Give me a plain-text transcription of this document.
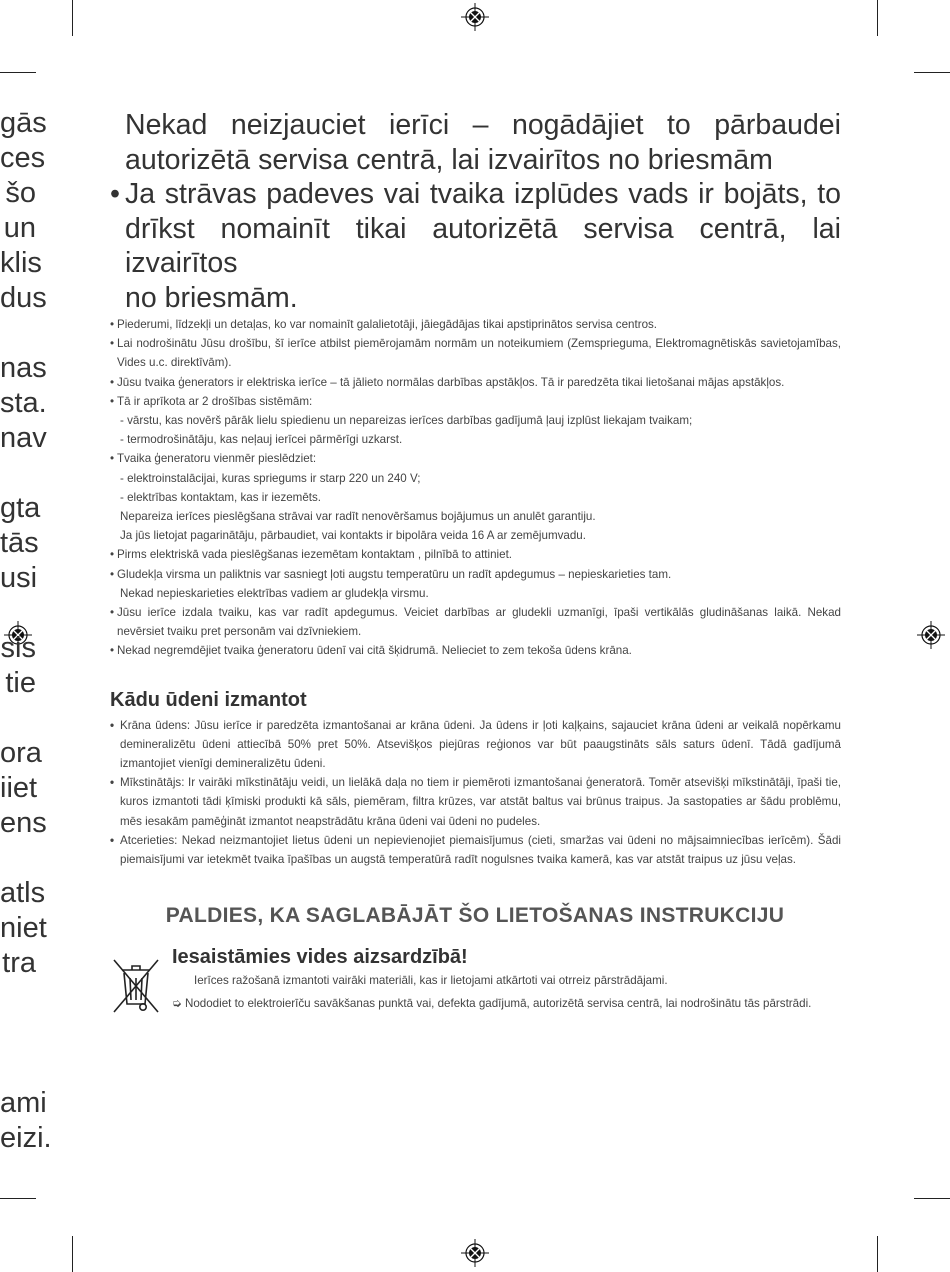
gās
ces
šo
un
klis
dus

nas
sta.
nav

gta
tās
usi

sis
tie

ora
iiet
ens

atls
niet
tra

ami
eizi.
Nekad neizjauciet ierīci – nogādājiet to pārbaudei
autorizētā servisa centrā, lai izvairītos no briesmām
• Ja strāvas padeves vai tvaika izplūdes vads ir bojāts, to
drīkst nomainīt tikai autorizētā servisa centrā, lai izvairītos
no briesmām.
• Piederumi, līdzekļi un detaļas, ko var nomainīt galalietotāji, jāiegādājas tikai apstiprinātos servisa centros.
• Lai nodrošinātu Jūsu drošību, šī ierīce atbilst piemērojamām normām un noteikumiem (Zemsprieguma, Elektromagnētiskās savietojamības, Vides u.c. direktīvām).
• Jūsu tvaika ģenerators ir elektriska ierīce – tā jālieto normālas darbības apstākļos. Tā ir paredzēta tikai lietošanai mājas apstākļos.
• Tā ir aprīkota ar 2 drošības sistēmām:
- vārstu, kas novērš pārāk lielu spiedienu un nepareizas ierīces darbības gadījumā ļauj izplūst liekajam tvaikam;
- termodrošinātāju, kas neļauj ierīcei pārmērīgi uzkarst.
• Tvaika ģeneratoru vienmēr pieslēdziet:
- elektroinstalācijai, kuras spriegums ir starp 220 un 240 V;
- elektrības kontaktam, kas ir iezemēts.
Nepareiza ierīces pieslēgšana strāvai var radīt nenovēršamus bojājumus un anulēt garantiju.
Ja jūs lietojat pagarinātāju, pārbaudiet, vai kontakts ir bipolāra veida 16 A ar zemējumvadu.
• Pirms elektriskā vada pieslēgšanas iezemētam kontaktam , pilnībā to attiniet.
• Gludekļa virsma un paliktnis var sasniegt ļoti augstu temperatūru un radīt apdegumus – nepieskarieties tam.
Nekad nepieskarieties elektrības vadiem ar gludekļa virsmu.
• Jūsu ierīce izdala tvaiku, kas var radīt apdegumus. Veiciet darbības ar gludekli uzmanīgi, īpaši vertikālās gludināšanas laikā. Nekad nevērsiet tvaiku pret personām vai dzīvniekiem.
• Nekad negremdējiet tvaika ģeneratoru ūdenī vai citā šķidrumā. Nelieciet to zem tekoša ūdens krāna.
Kādu ūdeni izmantot
• Krāna ūdens: Jūsu ierīce ir paredzēta izmantošanai ar krāna ūdeni. Ja ūdens ir ļoti kaļķains, sajauciet krāna ūdeni ar veikalā nopērkamu demineralizētu ūdeni attiecībā 50% pret 50%. Atsevišķos piejūras reģionos var būt paaugstināts sāls saturs ūdenī. Tādā gadījumā izmantojiet vienīgi demineralizētu ūdeni.
• Mīkstinātājs: Ir vairāki mīkstinātāju veidi, un lielākā daļa no tiem ir piemēroti izmantošanai ģeneratorā. Tomēr atsevišķi mīkstinātāji, īpaši tie, kuros izmantoti tādi ķīmiski produkti kā sāls, piemēram, filtra krūzes, var atstāt baltus vai brūnus traipus. Ja sastopaties ar šādu problēmu, mēs iesakām pamēģināt izmantot neapstrādātu krāna ūdeni vai ūdeni no pudeles.
• Atcerieties: Nekad neizmantojiet lietus ūdeni un nepievienojiet piemaisījumus (cieti, smaržas vai ūdeni no mājsaimniecības ierīcēm). Šādi piemaisījumi var ietekmēt tvaika īpašības un augstā temperatūrā radīt nogulsnes tvaika kamerā, kas var atstāt traipus uz jūsu veļas.
PALDIES, KA SAGLABĀJĀT ŠO LIETOŠANAS INSTRUKCIJU
Iesaistāmies vides aizsardzībā!
Ierīces ražošanā izmantoti vairāki materiāli, kas ir lietojami atkārtoti vai otrreiz pārstrādājami.
➭ Nododiet to elektroierīču savākšanas punktā vai, defekta gadījumā, autorizētā servisa centrā, lai nodrošinātu tās pārstrādi.
